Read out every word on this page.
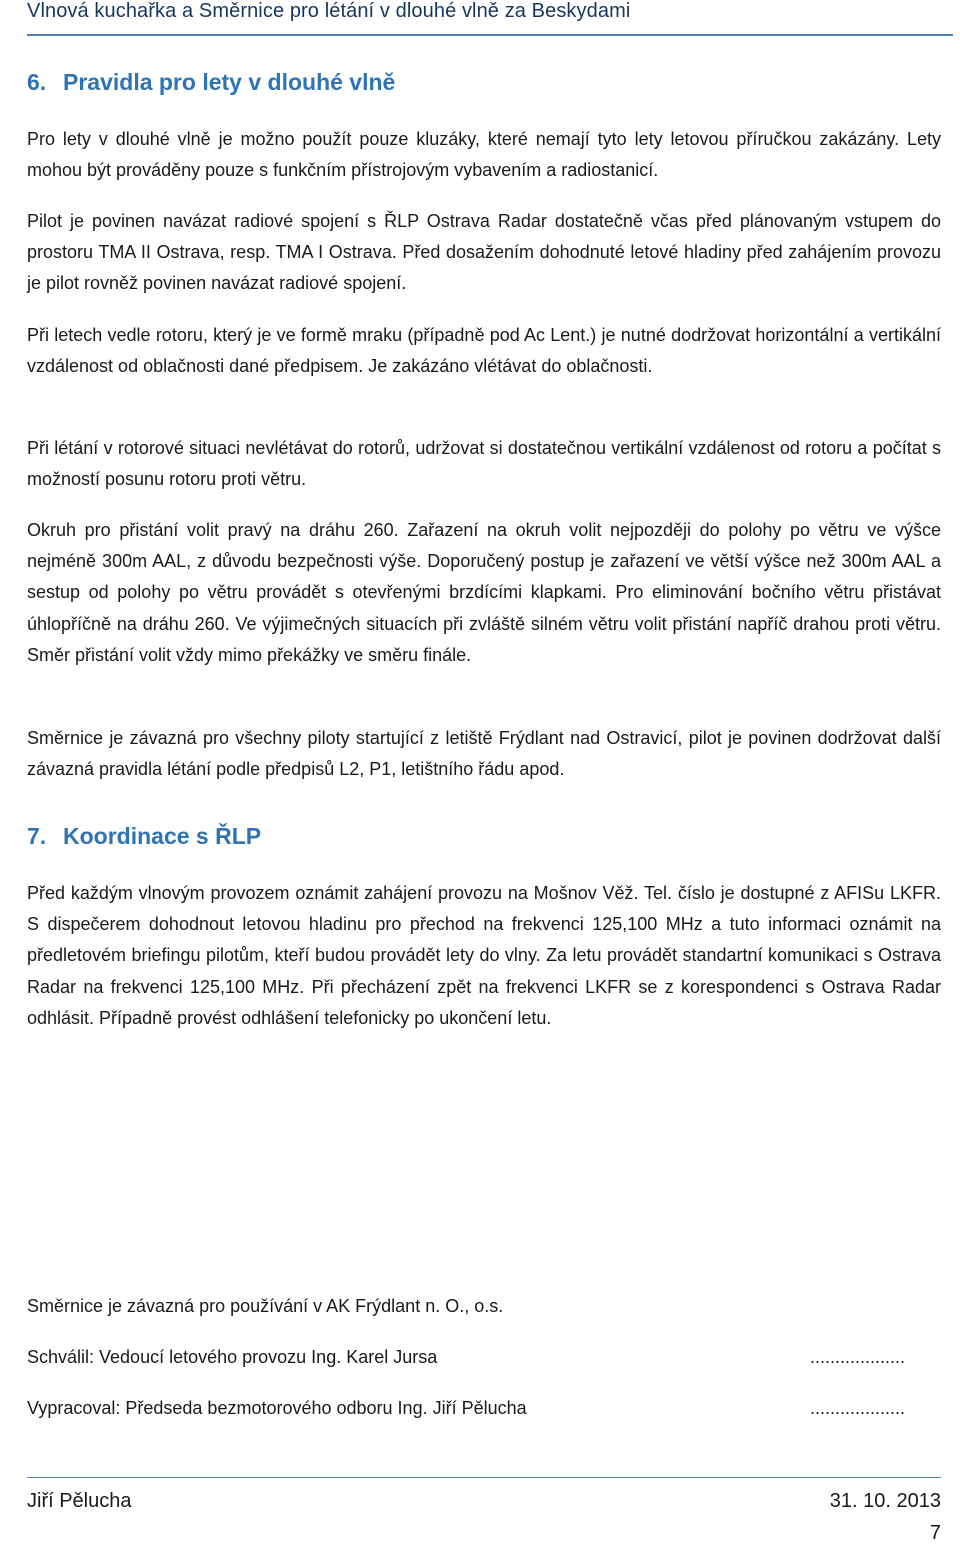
Vlnová kuchařka a Směrnice pro létání v dlouhé vlně za Beskydami
6. Pravidla pro lety v dlouhé vlně

Pro lety v dlouhé vlně je možno použít pouze kluzáky, které nemají tyto lety letovou příručkou zakázány. Lety mohou být prováděny pouze s funkčním přístrojovým vybavením a radiostanicí.

Pilot je povinen navázat radiové spojení s ŘLP Ostrava Radar dostatečně včas před plánovaným vstupem do prostoru TMA II Ostrava, resp. TMA I Ostrava. Před dosažením dohodnuté letové hladiny před zahájením provozu je pilot rovněž povinen navázat radiové spojení.

Při letech vedle rotoru, který je ve formě mraku (případně pod Ac Lent.) je nutné dodržovat horizontální a vertikální vzdálenost od oblačnosti dané předpisem. Je zakázáno vlétávat do oblačnosti.

Při létání v rotorové situaci nevlétávat do rotorů, udržovat si dostatečnou vertikální vzdálenost od rotoru a počítat s možností posunu rotoru proti větru.

Okruh pro přistání volit pravý na dráhu 260. Zařazení na okruh volit nejpozději do polohy po větru ve výšce nejméně 300m AAL, z důvodu bezpečnosti výše. Doporučený postup je zařazení ve větší výšce než 300m AAL a sestup od polohy po větru provádět s otevřenými brzdícími klapkami. Pro eliminování bočního větru přistávat úhlopříčně na dráhu 260. Ve výjimečných situacích při zvláště silném větru volit přistání napříč drahou proti větru. Směr přistání volit vždy mimo překážky ve směru finále.

Směrnice je závazná pro všechny piloty startující z letiště Frýdlant nad Ostravicí, pilot je povinen dodržovat další závazná pravidla létání podle předpisů L2, P1, letištního řádu apod.

7. Koordinace s ŘLP

Před každým vlnovým provozem oznámit zahájení provozu na Mošnov Věž. Tel. číslo je dostupné z AFISu LKFR. S dispečerem dohodnout letovou hladinu pro přechod na frekvenci 125,100 MHz a tuto informaci oznámit na předletovém briefingu pilotům, kteří budou provádět lety do vlny. Za letu provádět standartní komunikaci s Ostrava Radar na frekvenci 125,100 MHz. Při přecházení zpět na frekvenci LKFR se z korespondenci s Ostrava Radar odhlásit. Případně provést odhlášení telefonicky po ukončení letu.

Směrnice je závazná pro používání v AK Frýdlant n. O., o.s.
Schválil: Vedoucí letového provozu Ing. Karel Jursa	...................
Vypracoval: Předseda bezmotorového odboru Ing. Jiří Pělucha	...................
Jiří Pělucha	31. 10. 2013
7
